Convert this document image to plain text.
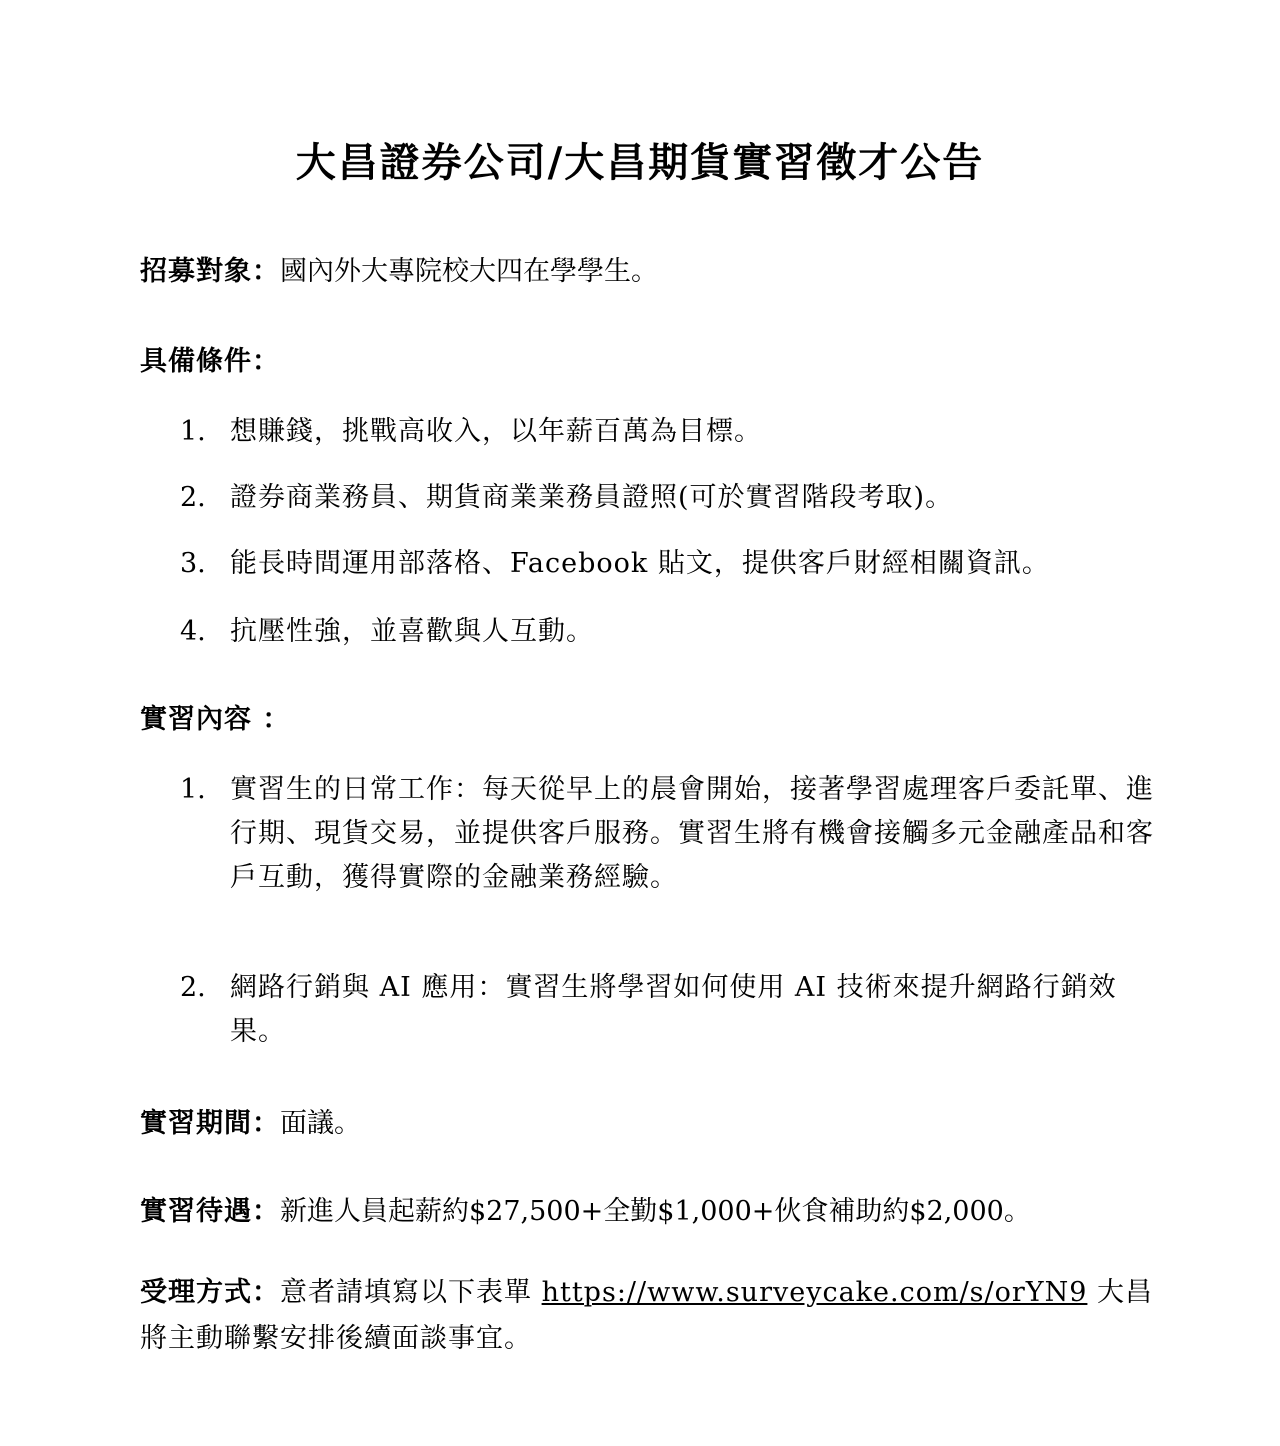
大昌證券公司/大昌期貨實習徵才公告
招募對象：國內外大專院校大四在學學生。
具備條件：
1. 想賺錢，挑戰高收入，以年薪百萬為目標。
2. 證券商業務員、期貨商業業務員證照(可於實習階段考取)。
3. 能長時間運用部落格、Facebook 貼文，提供客戶財經相關資訊。
4. 抗壓性強，並喜歡與人互動。
實習內容 ：
1. 實習生的日常工作：每天從早上的晨會開始，接著學習處理客戶委託單、進行期、現貨交易，並提供客戶服務。實習生將有機會接觸多元金融產品和客戶互動，獲得實際的金融業務經驗。
2. 網路行銷與 AI 應用：實習生將學習如何使用 AI 技術來提升網路行銷效果。
實習期間：面議。
實習待遇：新進人員起薪約$27,500+全勤$1,000+伙食補助約$2,000。
受理方式：意者請填寫以下表單 https://www.surveycake.com/s/orYN9 大昌將主動聯繫安排後續面談事宜。
